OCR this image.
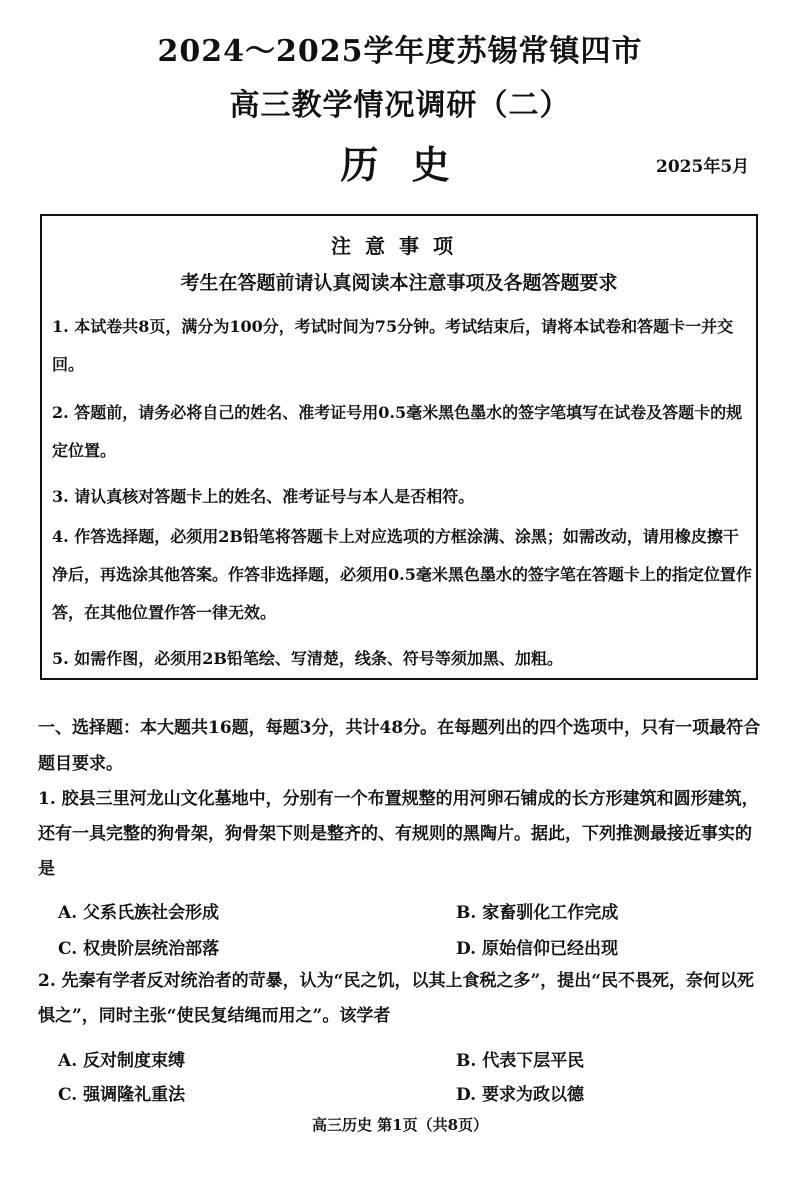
2024～2025学年度苏锡常镇四市
高三教学情况调研（二）
历 史	2025年5月
注意事项
考生在答题前请认真阅读本注意事项及各题答题要求
1. 本试卷共8页，满分为100分，考试时间为75分钟。考试结束后，请将本试卷和答题卡一并交回。
2. 答题前，请务必将自己的姓名、准考证号用0.5毫米黑色墨水的签字笔填写在试卷及答题卡的规定位置。
3. 请认真核对答题卡上的姓名、准考证号与本人是否相符。
4. 作答选择题，必须用2B铅笔将答题卡上对应选项的方框涂满、涂黑；如需改动，请用橡皮擦干净后，再选涂其他答案。作答非选择题，必须用0.5毫米黑色墨水的签字笔在答题卡上的指定位置作答，在其他位置作答一律无效。
5. 如需作图，必须用2B铅笔绘、写清楚，线条、符号等须加黑、加粗。
一、选择题：本大题共16题，每题3分，共计48分。在每题列出的四个选项中，只有一项最符合题目要求。
1. 胶县三里河龙山文化墓地中，分别有一个布置规整的用河卵石铺成的长方形建筑和圆形建筑，还有一具完整的狗骨架，狗骨架下则是整齐的、有规则的黑陶片。据此，下列推测最接近事实的是
A. 父系氏族社会形成	B. 家畜驯化工作完成
C. 权贵阶层统治部落	D. 原始信仰已经出现
2. 先秦有学者反对统治者的苛暴，认为“民之饥，以其上食税之多”，提出“民不畏死，奈何以死惧之”，同时主张“使民复结绳而用之”。该学者
A. 反对制度束缚	B. 代表下层平民
C. 强调隆礼重法	D. 要求为政以德
高三历史 第1页（共8页）
